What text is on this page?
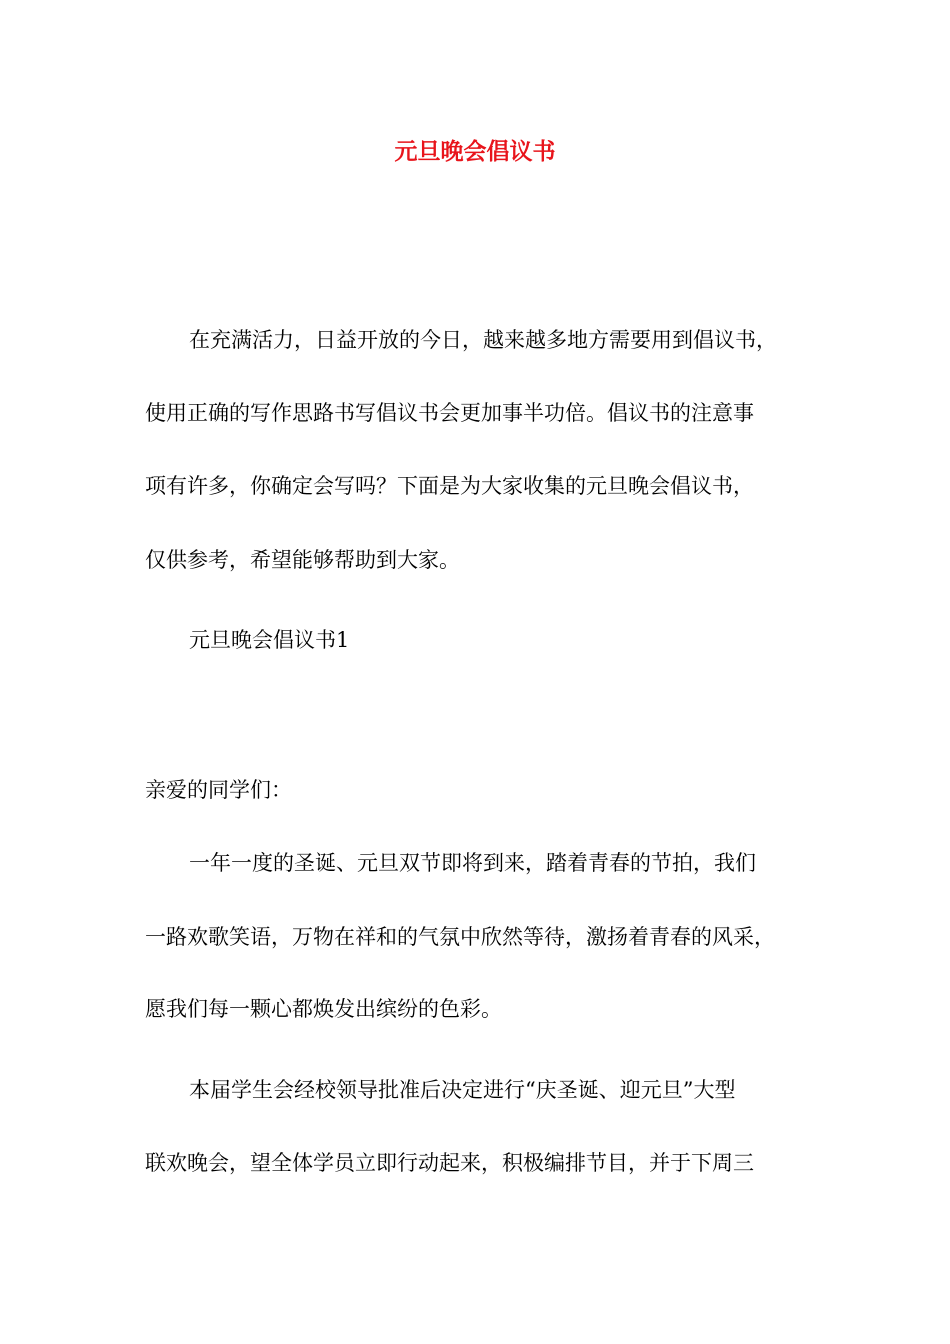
元旦晚会倡议书
在充满活力，日益开放的今日，越来越多地方需要用到倡议书，
使用正确的写作思路书写倡议书会更加事半功倍。倡议书的注意事
项有许多，你确定会写吗？下面是为大家收集的元旦晚会倡议书，
仅供参考，希望能够帮助到大家。
元旦晚会倡议书1
亲爱的同学们：
一年一度的圣诞、元旦双节即将到来，踏着青春的节拍，我们
一路欢歌笑语，万物在祥和的气氛中欣然等待，激扬着青春的风采，
愿我们每一颗心都焕发出缤纷的色彩。
本届学生会经校领导批准后决定进行“庆圣诞、迎元旦”大型
联欢晚会，望全体学员立即行动起来，积极编排节目，并于下周三
